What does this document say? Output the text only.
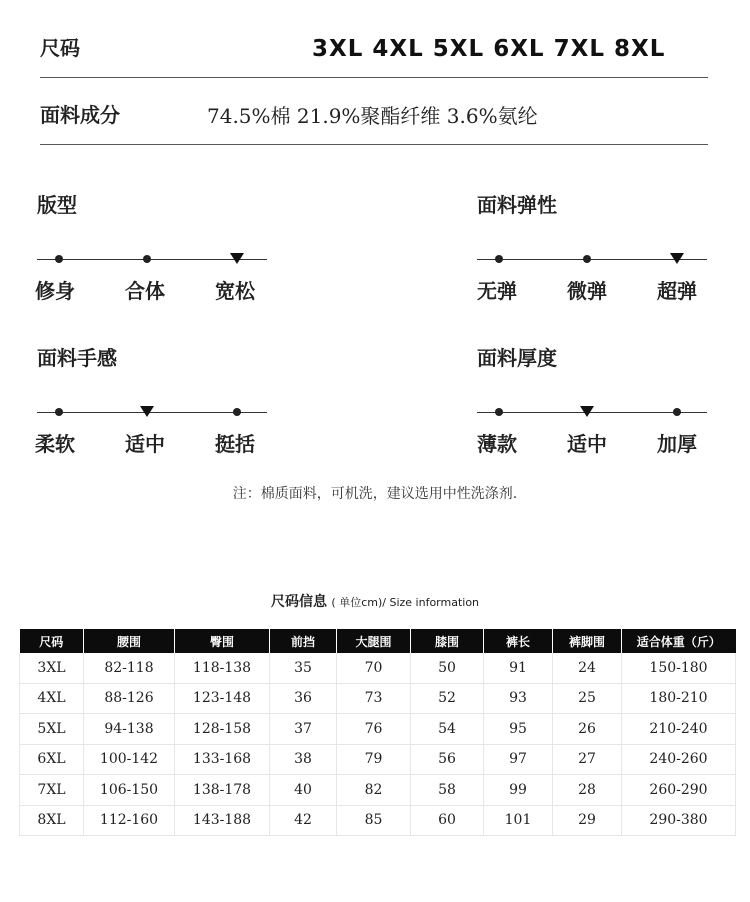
尺码	3XL 4XL 5XL 6XL 7XL 8XL
面料成分	74.5%棉 21.9%聚酯纤维 3.6%氨纶
版型
修身	合体	宽松
面料弹性
无弹	微弹	超弹
面料手感
柔软	适中	挺括
面料厚度
薄款	适中	加厚
注：棉质面料，可机洗，建议选用中性洗涤剂.
尺码信息 ( 单位cm)/ Size information
尺码	腰围	臀围	前挡	大腿围	膝围	裤长	裤脚围	适合体重（斤）
3XL	82-118	118-138	35	70	50	91	24	150-180
4XL	88-126	123-148	36	73	52	93	25	180-210
5XL	94-138	128-158	37	76	54	95	26	210-240
6XL	100-142	133-168	38	79	56	97	27	240-260
7XL	106-150	138-178	40	82	58	99	28	260-290
8XL	112-160	143-188	42	85	60	101	29	290-380
